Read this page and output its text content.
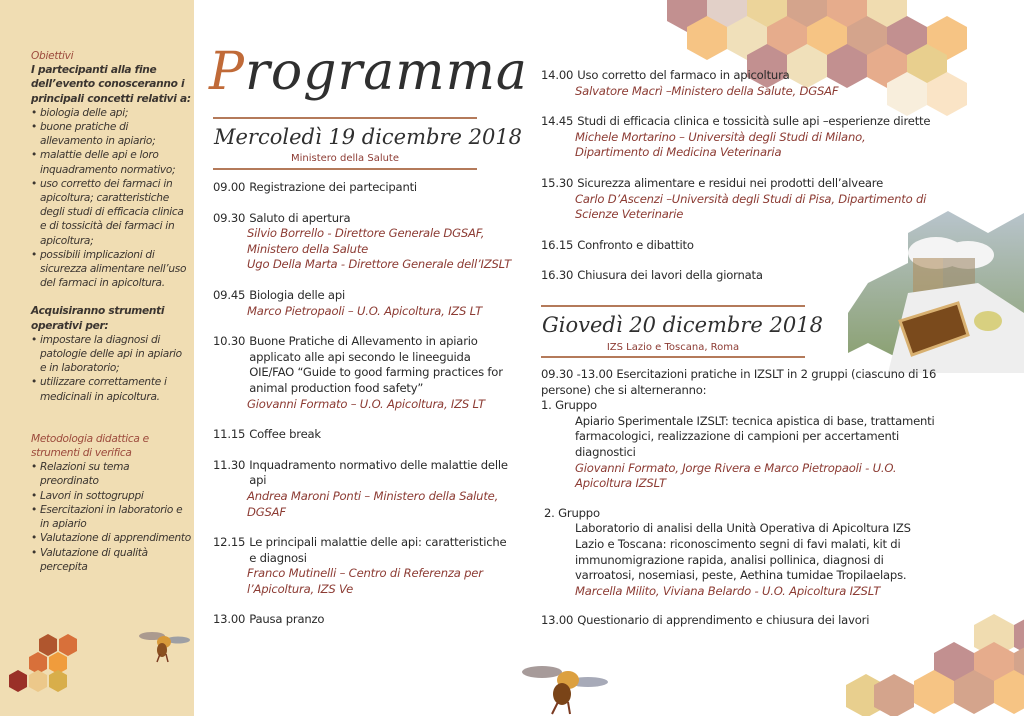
Obiettivi
I partecipanti alla fine dell’evento conosceranno i principali concetti relativi a:
• biologia delle api;
• buone pratiche di allevamento in apiario;
• malattie delle api e loro inquadramento normativo;
• uso corretto dei farmaci in apicoltura; caratteristiche degli studi di efficacia clinica e di tossicità dei farmaci in apicoltura;
• possibili implicazioni di sicurezza alimentare nell’uso del farmaci in apicoltura.
Acquisiranno strumenti operativi per:
• impostare la diagnosi di patologie delle api in apiario e in laboratorio;
• utilizzare correttamente i medicinali in apicoltura.
Metodologia didattica e strumenti di verifica
• Relazioni su tema preordinato
• Lavori in sottogruppi
• Esercitazioni in laboratorio e in apiario
• Valutazione di apprendimento
• Valutazione di qualità percepita
Programma
Mercoledì 19 dicembre 2018
Ministero della Salute
09.00 Registrazione dei partecipanti
09.30 Saluto di apertura
Silvio Borrello - Direttore Generale DGSAF,
Ministero della Salute
Ugo Della Marta - Direttore Generale dell’IZSLT
09.45 Biologia delle api
Marco Pietropaoli – U.O. Apicoltura, IZS LT
10.30 Buone Pratiche di Allevamento in apiario applicato alle api secondo le lineeguida OIE/FAO “Guide to good farming practices for animal production food safety”
Giovanni Formato – U.O. Apicoltura, IZS LT
11.15 Coffee break
11.30 Inquadramento normativo delle malattie delle api
Andrea Maroni Ponti – Ministero della Salute, DGSAF
12.15 Le principali malattie delle api: caratteristiche e diagnosi
Franco Mutinelli – Centro di Referenza per l’Apicoltura, IZS Ve
13.00 Pausa pranzo
14.00 Uso corretto del farmaco in apicoltura
Salvatore Macrì –Ministero della Salute, DGSAF
14.45 Studi di efficacia clinica e tossicità sulle api –esperienze dirette
Michele Mortarino – Università degli Studi di Milano, Dipartimento di Medicina Veterinaria
15.30 Sicurezza alimentare e residui nei prodotti dell’alveare
Carlo D’Ascenzi –Università degli Studi di Pisa, Dipartimento di Scienze Veterinarie
16.15 Confronto e dibattito
16.30 Chiusura dei lavori della giornata
Giovedì 20 dicembre 2018
IZS Lazio e Toscana, Roma
09.30 -13.00 Esercitazioni pratiche in IZSLT in 2 gruppi (ciascuno di 16 persone) che si alterneranno:
1. Gruppo
Apiario Sperimentale IZSLT: tecnica apistica di base, trattamenti farmacologici, realizzazione di campioni per accertamenti diagnostici
Giovanni Formato, Jorge Rivera e Marco Pietropaoli - U.O. Apicoltura IZSLT
2. Gruppo
Laboratorio di analisi della Unità Operativa di Apicoltura IZS Lazio e Toscana: riconoscimento segni di favi malati, kit di immunomigrazione rapida, analisi pollinica, diagnosi di varroatosi, nosemiasi, peste, Aethina tumidae Tropilaelaps.
Marcella Milito, Viviana Belardo - U.O. Apicoltura IZSLT
13.00 Questionario di apprendimento e chiusura dei lavori
